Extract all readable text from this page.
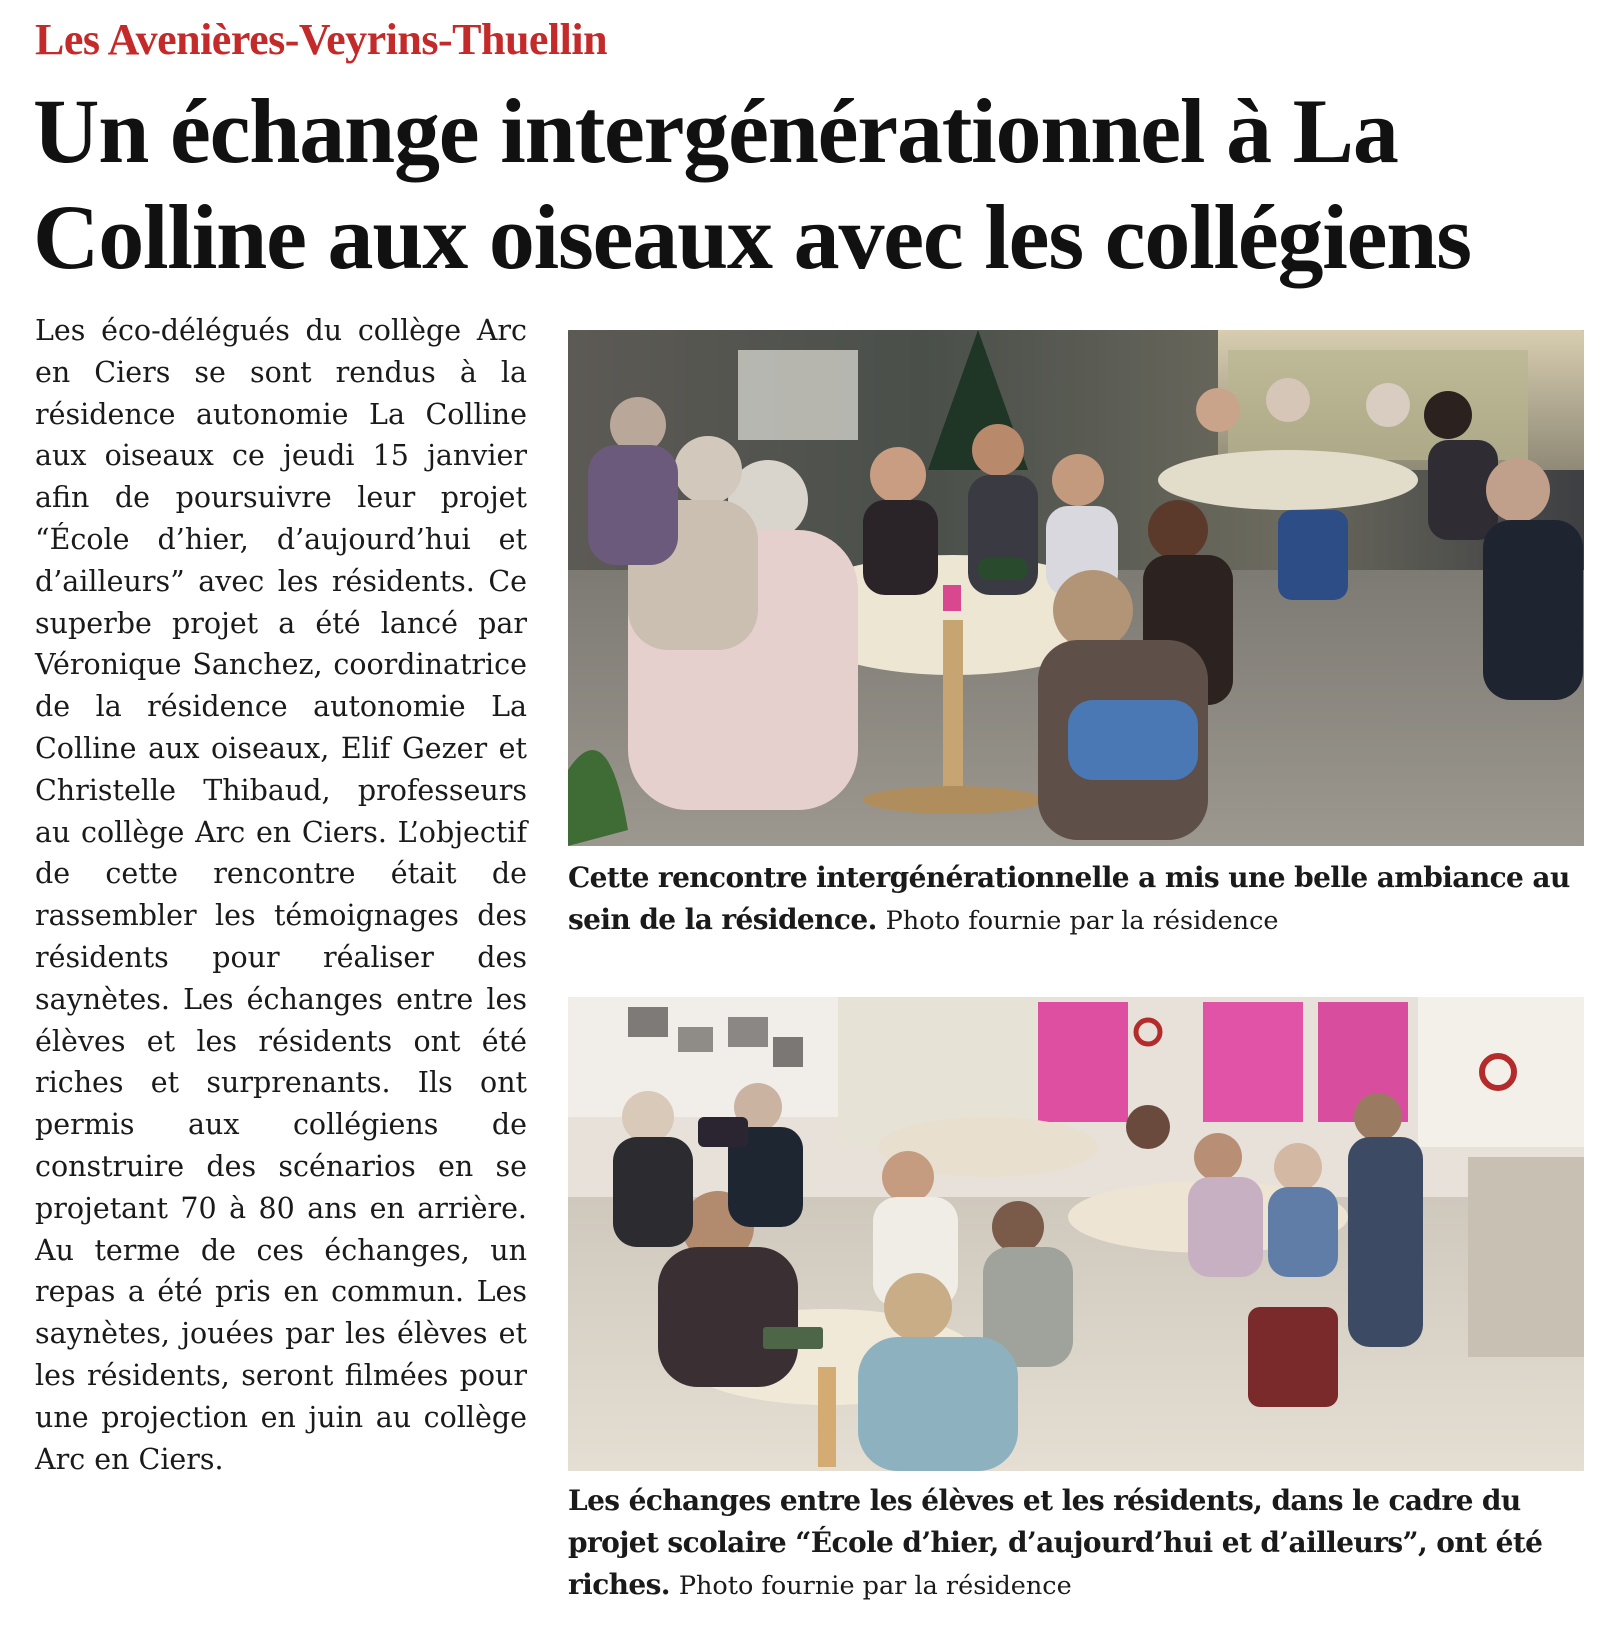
Les Avenières-Veyrins-Thuellin
Un échange intergénérationnel à La Colline aux oiseaux avec les collégiens

Les éco-délégués du collège Arc en Ciers se sont rendus à la résidence autonomie La Colline aux oiseaux ce jeudi 15 janvier afin de poursuivre leur projet “École d’hier, d’aujourd’hui et d’ailleurs” avec les résidents. Ce superbe projet a été lancé par Véronique Sanchez, coordinatrice de la résidence autonomie La Colline aux oiseaux, Elif Gezer et Christelle Thibaud, professeurs au collège Arc en Ciers. L’objectif de cette rencontre était de rassembler les témoignages des résidents pour réaliser des saynètes. Les échanges entre les élèves et les résidents ont été riches et surprenants. Ils ont permis aux collégiens de construire des scénarios en se projetant 70 à 80 ans en arrière. Au terme de ces échanges, un repas a été pris en commun. Les saynètes, jouées par les élèves et les résidents, seront filmées pour une projection en juin au collège Arc en Ciers.

Cette rencontre intergénérationnelle a mis une belle ambiance au sein de la résidence. Photo fournie par la résidence

Les échanges entre les élèves et les résidents, dans le cadre du projet scolaire “École d’hier, d’aujourd’hui et d’ailleurs”, ont été riches. Photo fournie par la résidence
